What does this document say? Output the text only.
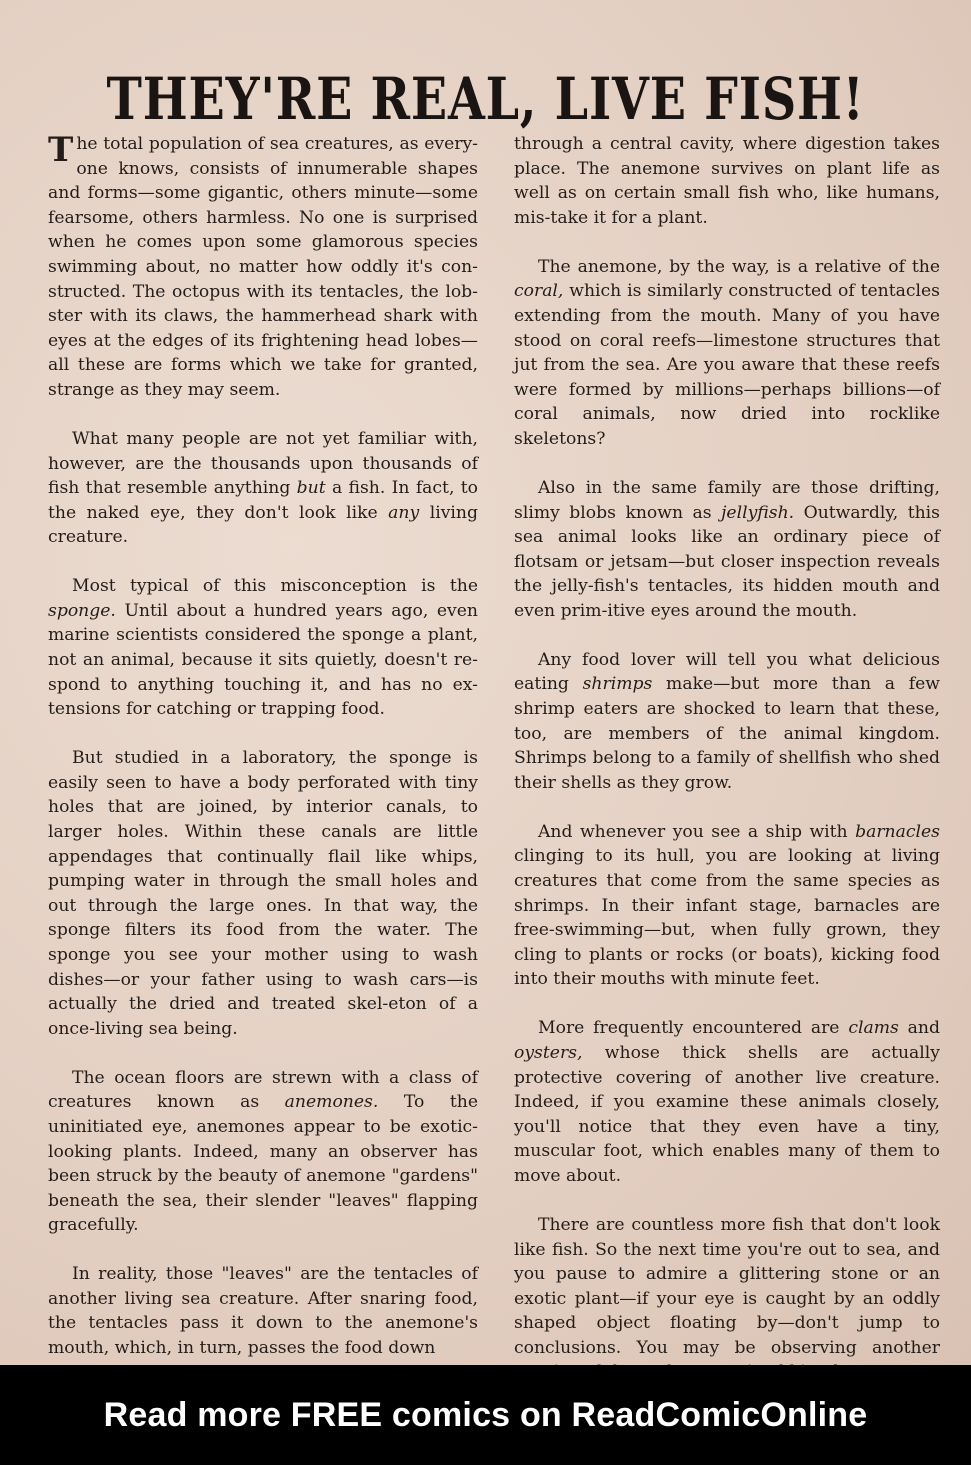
THEY'RE REAL, LIVE FISH!

The total population of sea creatures, as every-one knows, consists of innumerable shapes and forms—some gigantic, others minute—some fearsome, others harmless. No one is surprised when he comes upon some glamorous species swimming about, no matter how oddly it's con-structed. The octopus with its tentacles, the lob-ster with its claws, the hammerhead shark with eyes at the edges of its frightening head lobes—all these are forms which we take for granted, strange as they may seem.

What many people are not yet familiar with, however, are the thousands upon thousands of fish that resemble anything but a fish. In fact, to the naked eye, they don't look like any living creature.

Most typical of this misconception is the sponge. Until about a hundred years ago, even marine scientists considered the sponge a plant, not an animal, because it sits quietly, doesn't re-spond to anything touching it, and has no ex-tensions for catching or trapping food.

But studied in a laboratory, the sponge is easily seen to have a body perforated with tiny holes that are joined, by interior canals, to larger holes. Within these canals are little appendages that continually flail like whips, pumping water in through the small holes and out through the large ones. In that way, the sponge filters its food from the water. The sponge you see your mother using to wash dishes—or your father using to wash cars—is actually the dried and treated skel-eton of a once-living sea being.

The ocean floors are strewn with a class of creatures known as anemones. To the uninitiated eye, anemones appear to be exotic-looking plants. Indeed, many an observer has been struck by the beauty of anemone "gardens" beneath the sea, their slender "leaves" flapping gracefully.

In reality, those "leaves" are the tentacles of another living sea creature. After snaring food, the tentacles pass it down to the anemone's mouth, which, in turn, passes the food down

through a central cavity, where digestion takes place. The anemone survives on plant life as well as on certain small fish who, like humans, mis-take it for a plant.

The anemone, by the way, is a relative of the coral, which is similarly constructed of tentacles extending from the mouth. Many of you have stood on coral reefs—limestone structures that jut from the sea. Are you aware that these reefs were formed by millions—perhaps billions—of coral animals, now dried into rocklike skeletons?

Also in the same family are those drifting, slimy blobs known as jellyfish. Outwardly, this sea animal looks like an ordinary piece of flotsam or jetsam—but closer inspection reveals the jelly-fish's tentacles, its hidden mouth and even prim-itive eyes around the mouth.

Any food lover will tell you what delicious eating shrimps make—but more than a few shrimp eaters are shocked to learn that these, too, are members of the animal kingdom. Shrimps belong to a family of shellfish who shed their shells as they grow.

And whenever you see a ship with barnacles clinging to its hull, you are looking at living creatures that come from the same species as shrimps. In their infant stage, barnacles are free-swimming—but, when fully grown, they cling to plants or rocks (or boats), kicking food into their mouths with minute feet.

More frequently encountered are clams and oysters, whose thick shells are actually protective covering of another live creature. Indeed, if you examine these animals closely, you'll notice that they even have a tiny, muscular foot, which enables many of them to move about.

There are countless more fish that don't look like fish. So the next time you're out to sea, and you pause to admire a glittering stone or an exotic plant—if your eye is caught by an oddly shaped object floating by—don't jump to conclusions. You may be observing another

Read more FREE comics on ReadComicOnline
